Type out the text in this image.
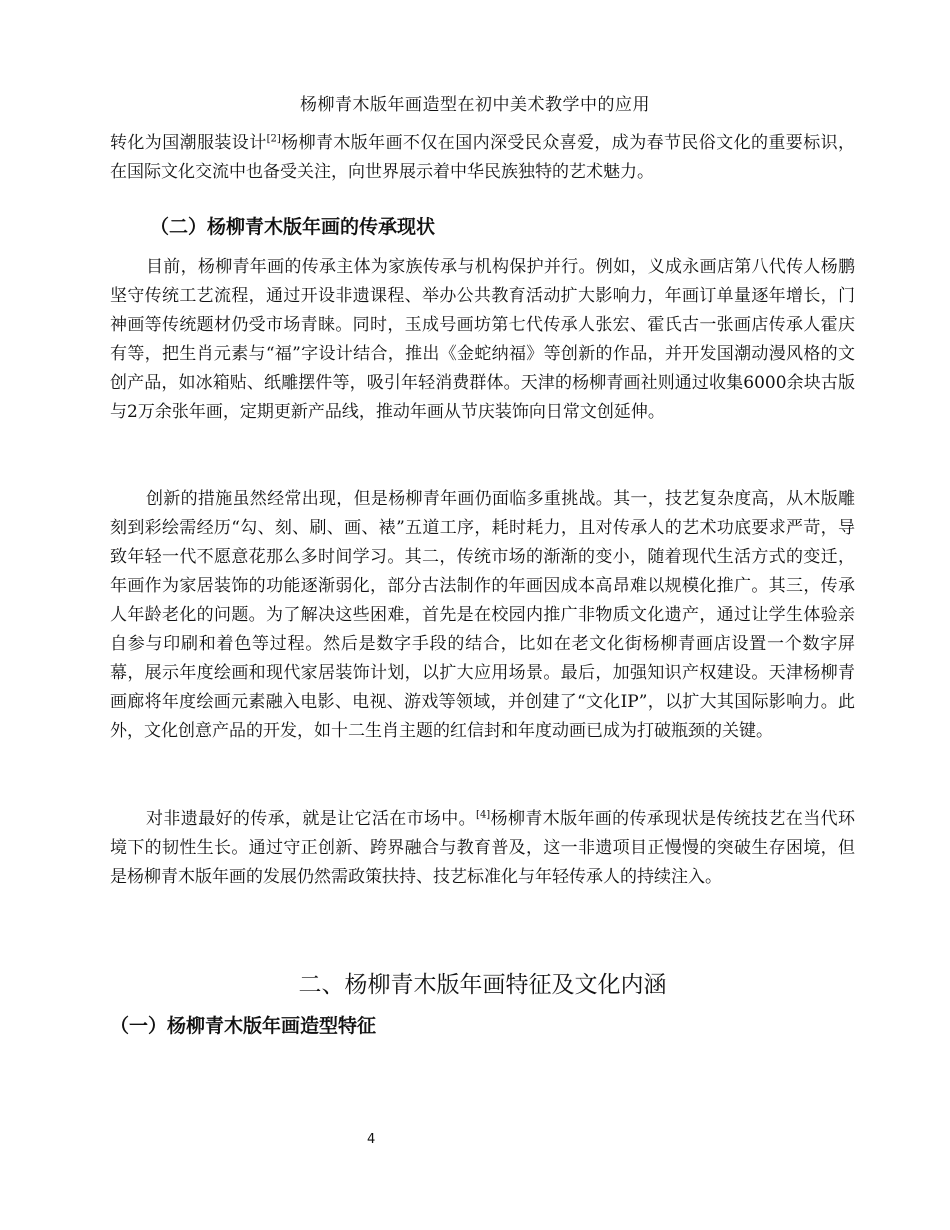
杨柳青木版年画造型在初中美术教学中的应用

转化为国潮服装设计[2]杨柳青木版年画不仅在国内深受民众喜爱，成为春节民俗文化的重要标识，在国际文化交流中也备受关注，向世界展示着中华民族独特的艺术魅力。

（二）杨柳青木版年画的传承现状

目前，杨柳青年画的传承主体为家族传承与机构保护并行。例如，义成永画店第八代传人杨鹏坚守传统工艺流程，通过开设非遗课程、举办公共教育活动扩大影响力，年画订单量逐年增长，门神画等传统题材仍受市场青睐。同时，玉成号画坊第七代传承人张宏、霍氏古一张画店传承人霍庆有等，把生肖元素与“福”字设计结合，推出《金蛇纳福》等创新的作品，并开发国潮动漫风格的文创产品，如冰箱贴、纸雕摆件等，吸引年轻消费群体。天津的杨柳青画社则通过收集6000余块古版与2万余张年画，定期更新产品线，推动年画从节庆装饰向日常文创延伸。

创新的措施虽然经常出现，但是杨柳青年画仍面临多重挑战。其一，技艺复杂度高，从木版雕刻到彩绘需经历“勾、刻、刷、画、裱”五道工序，耗时耗力，且对传承人的艺术功底要求严苛，导致年轻一代不愿意花那么多时间学习。其二，传统市场的渐渐的变小，随着现代生活方式的变迁，年画作为家居装饰的功能逐渐弱化，部分古法制作的年画因成本高昂难以规模化推广。其三，传承人年龄老化的问题。为了解决这些困难，首先是在校园内推广非物质文化遗产，通过让学生体验亲自参与印刷和着色等过程。然后是数字手段的结合，比如在老文化街杨柳青画店设置一个数字屏幕，展示年度绘画和现代家居装饰计划，以扩大应用场景。最后，加强知识产权建设。天津杨柳青画廊将年度绘画元素融入电影、电视、游戏等领域，并创建了“文化IP”，以扩大其国际影响力。此外，文化创意产品的开发，如十二生肖主题的红信封和年度动画已成为打破瓶颈的关键。

对非遗最好的传承，就是让它活在市场中。[4]杨柳青木版年画的传承现状是传统技艺在当代环境下的韧性生长。通过守正创新、跨界融合与教育普及，这一非遗项目正慢慢的突破生存困境，但是杨柳青木版年画的发展仍然需政策扶持、技艺标准化与年轻传承人的持续注入。

二、杨柳青木版年画特征及文化内涵
（一）杨柳青木版年画造型特征
4
